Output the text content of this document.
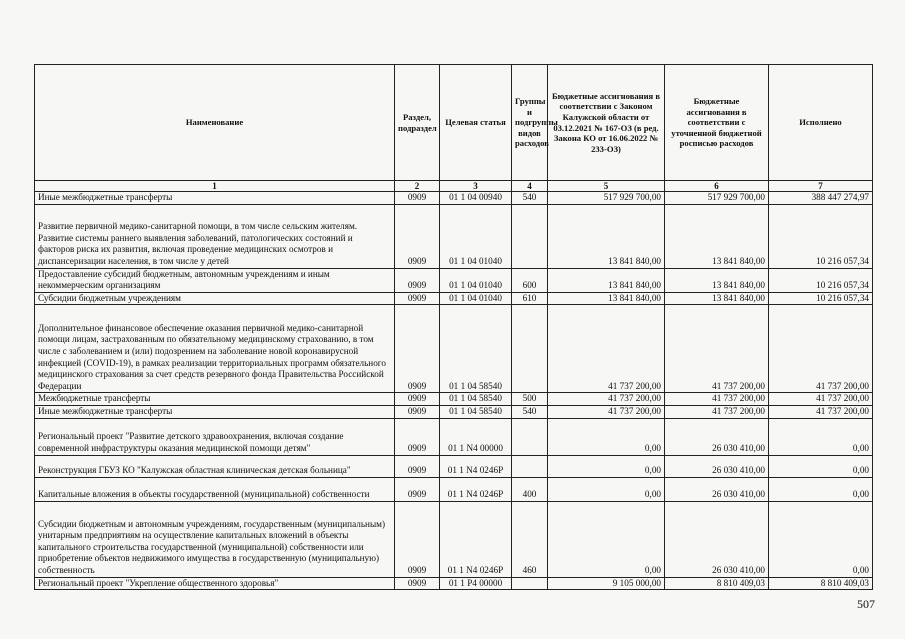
Наименование	Раздел, подраздел	Целевая статья	Группы и подгруппы видов расходов	Бюджетные ассигнования в соответствии с Законом Калужской области от 03.12.2021 № 167-ОЗ (в ред. Закона КО от 16.06.2022 № 233-ОЗ)	Бюджетные ассигнования в соответствии с уточненной бюджетной росписью расходов	Исполнено
1	2	3	4	5	6	7
Иные межбюджетные трансферты	0909	01 1 04 00940	540	517 929 700,00	517 929 700,00	388 447 274,97
Развитие первичной медико-санитарной помощи, в том числе сельским жителям. Развитие системы раннего выявления заболеваний, патологических состояний и факторов риска их развития, включая проведение медицинских осмотров и диспансеризации населения, в том числе у детей	0909	01 1 04 01040		13 841 840,00	13 841 840,00	10 216 057,34
Предоставление субсидий бюджетным, автономным учреждениям и иным некоммерческим организациям	0909	01 1 04 01040	600	13 841 840,00	13 841 840,00	10 216 057,34
Субсидии бюджетным учреждениям	0909	01 1 04 01040	610	13 841 840,00	13 841 840,00	10 216 057,34
Дополнительное финансовое обеспечение оказания первичной медико-санитарной помощи лицам, застрахованным по обязательному медицинскому страхованию, в том числе с заболеванием и (или) подозрением на заболевание новой коронавирусной инфекцией (COVID-19), в рамках реализации территориальных программ обязательного медицинского страхования за счет средств резервного фонда Правительства Российской Федерации	0909	01 1 04 58540		41 737 200,00	41 737 200,00	41 737 200,00
Межбюджетные трансферты	0909	01 1 04 58540	500	41 737 200,00	41 737 200,00	41 737 200,00
Иные межбюджетные трансферты	0909	01 1 04 58540	540	41 737 200,00	41 737 200,00	41 737 200,00
Региональный проект "Развитие детского здравоохранения, включая создание современной инфраструктуры оказания медицинской помощи детям"	0909	01 1 N4 00000		0,00	26 030 410,00	0,00
Реконструкция ГБУЗ КО "Калужская областная клиническая детская больница"	0909	01 1 N4 0246P		0,00	26 030 410,00	0,00
Капитальные вложения в объекты государственной (муниципальной) собственности	0909	01 1 N4 0246P	400	0,00	26 030 410,00	0,00
Субсидии бюджетным и автономным учреждениям, государственным (муниципальным) унитарным предприятиям на осуществление капитальных вложений в объекты капитального строительства государственной (муниципальной) собственности или приобретение объектов недвижимого имущества в государственную (муниципальную) собственность	0909	01 1 N4 0246P	460	0,00	26 030 410,00	0,00
Региональный проект "Укрепление общественного здоровья"	0909	01 1 P4 00000		9 105 000,00	8 810 409,03	8 810 409,03
507
